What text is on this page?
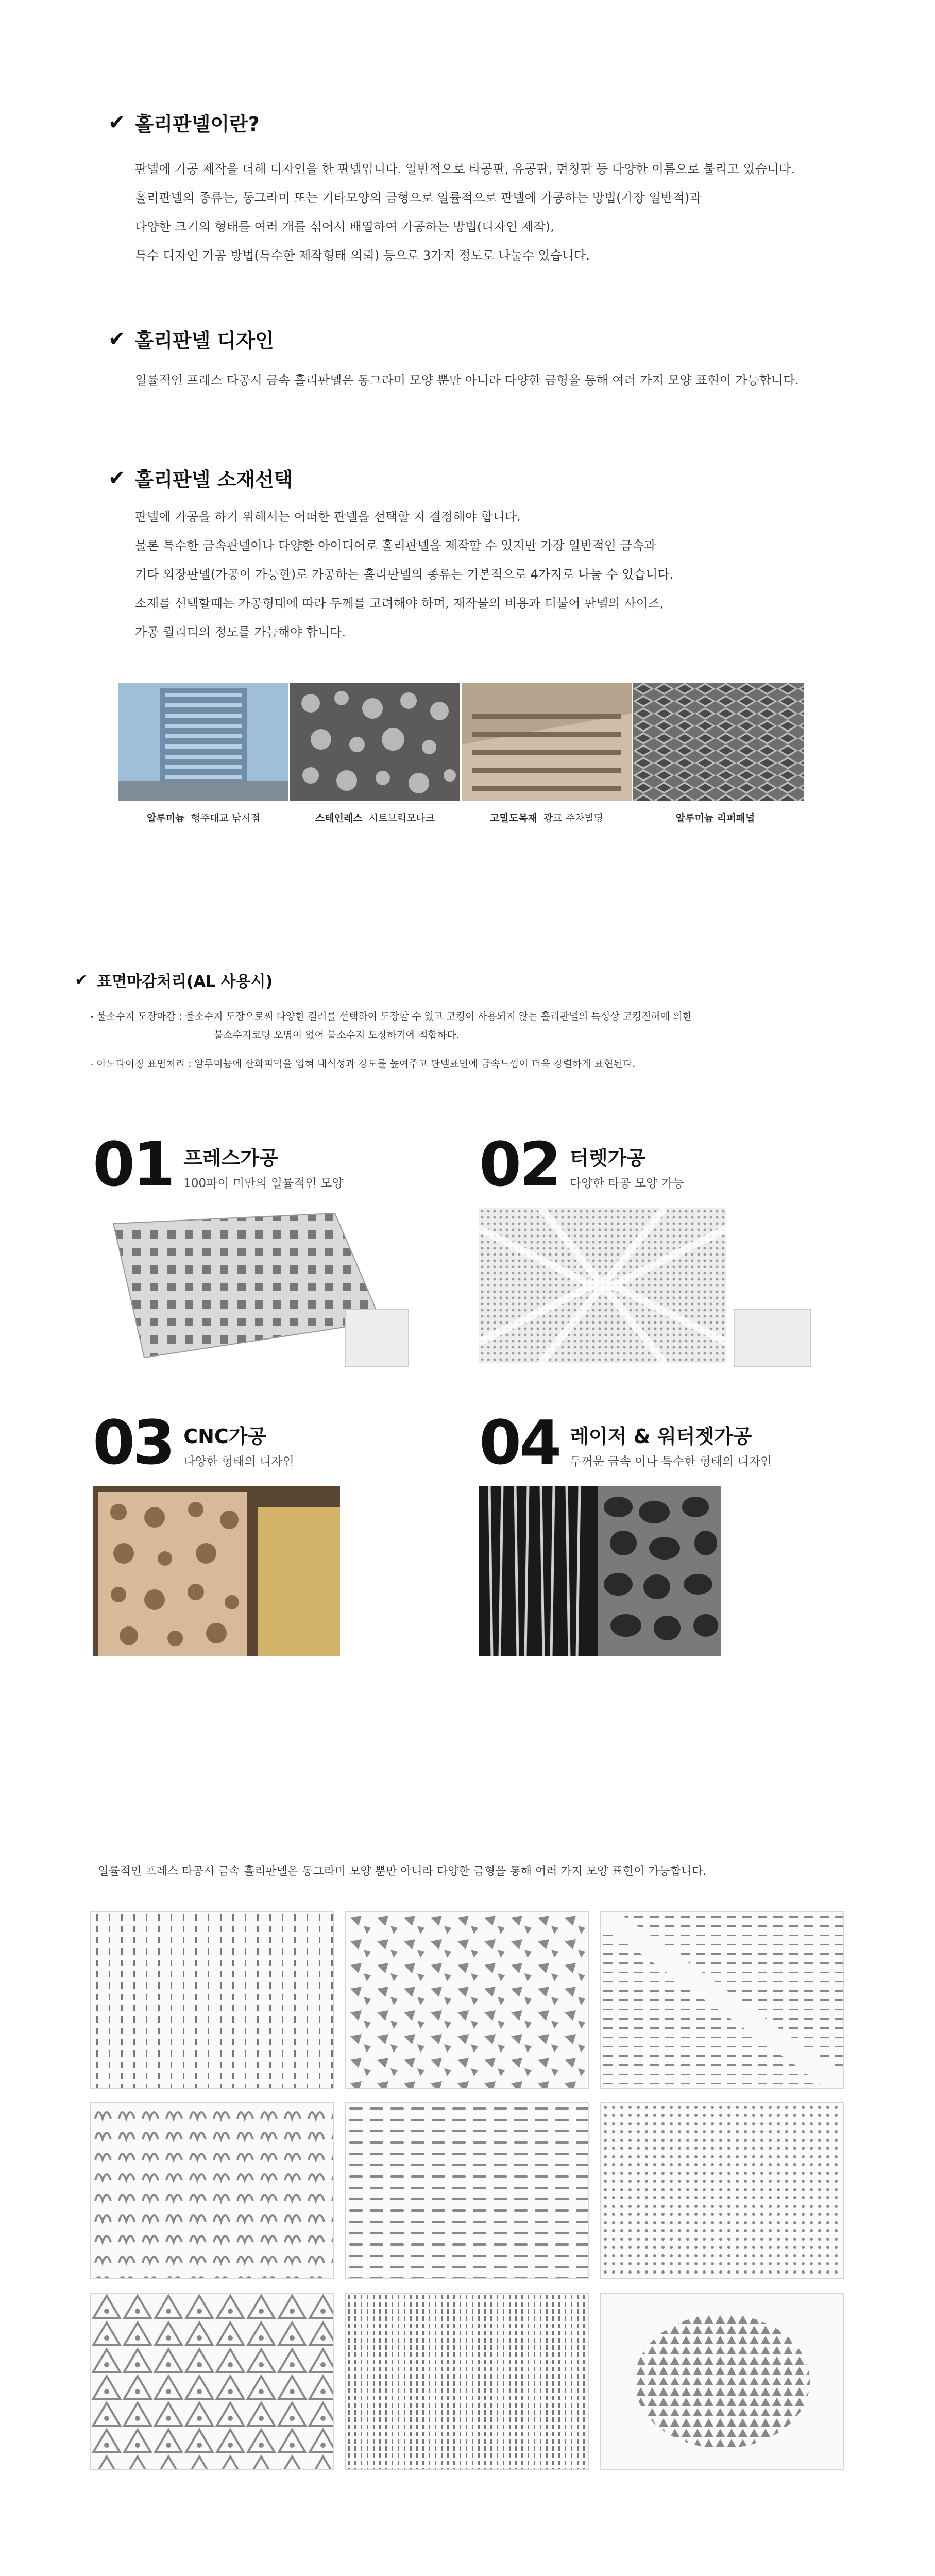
✔ 홀리판넬이란?
판넬에 가공 제작을 더해 디자인을 한 판넬입니다. 일반적으로 타공판, 유공판, 펀칭판 등 다양한 이름으로 불리고 있습니다.
홀리판넬의 종류는, 동그라미 또는 기타모양의 금형으로 일률적으로 판넬에 가공하는 방법(가장 일반적)과
다양한 크기의 형태를 여러 개를 섞어서 배열하여 가공하는 방법(디자인 제작),
특수 디자인 가공 방법(특수한 제작형태 의뢰) 등으로 3가지 정도로 나눌수 있습니다.
✔ 홀리판넬 디자인
일률적인 프레스 타공시 금속 홀리판넬은 동그라미 모양 뿐만 아니라 다양한 금형을 통해 여러 가지 모양 표현이 가능합니다.
✔ 홀리판넬 소재선택
판넬에 가공을 하기 위해서는 어떠한 판넬을 선택할 지 결정해야 합니다.
물론 특수한 금속판넬이나 다양한 아이디어로 홀리판넬을 제작할 수 있지만 가장 일반적인 금속과
기타 외장판넬(가공이 가능한)로 가공하는 홀리판넬의 종류는 기본적으로 4가지로 나눌 수 있습니다.
소재를 선택할때는 가공형태에 따라 두께를 고려해야 하며, 재작물의 비용과 더불어 판넬의 사이즈,
가공 퀄리티의 정도를 가늠해야 합니다.
알루미늄 행주대교 낚시점	스테인레스 시트브릭모나크	고밀도목재 광교 주차빌딩	알루미늄 리퍼패널
✔ 표면마감처리(AL 사용시)
- 불소수지 도장마감 : 불소수지 도장으로써 다양한 컬러를 선택하여 도장할 수 있고 코킹이 사용되지 않는 홀리판넬의 특성상 코킹진해에 의한
불소수지코팅 오염이 없어 불소수지 도장하기에 적합하다.
- 아노다이징 표면처리 : 알루미늄에 산화피막을 입혀 내식성과 강도를 높여주고 판넬표면에 금속느낌이 더욱 강렬하게 표현된다.
01 프레스가공
100파이 미만의 일률적인 모양 02 터렛가공
다양한 타공 모양 가능
03 CNC가공
다양한 형태의 디자인	04 레이저 & 워터젯가공
두꺼운 금속 이나 특수한 형태의 디자인
일률적인 프레스 타공시 금속 홀리판넬은 동그라미 모양 뿐만 아니라 다양한 금형을 통해 여러 가지 모양 표현이 가능합니다.
